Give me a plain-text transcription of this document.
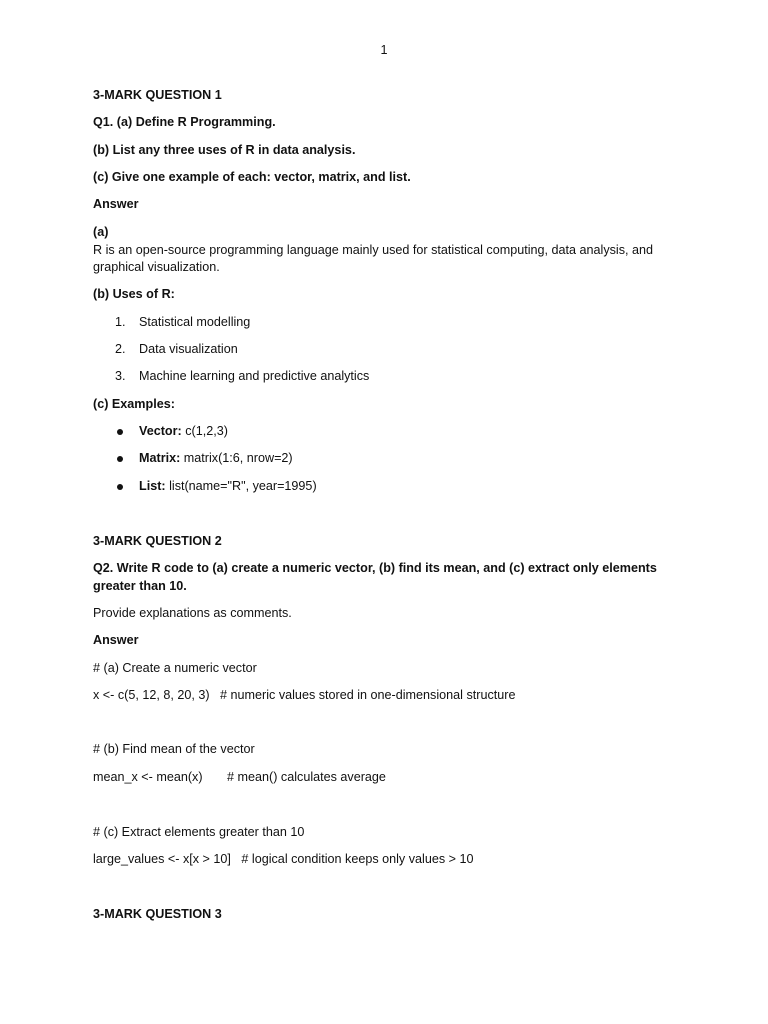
1
3-MARK QUESTION 1
Q1. (a) Define R Programming.
(b) List any three uses of R in data analysis.
(c) Give one example of each: vector, matrix, and list.
Answer
(a)
R is an open-source programming language mainly used for statistical computing, data analysis, and graphical visualization.
(b) Uses of R:
1.	Statistical modelling
2.	Data visualization
3.	Machine learning and predictive analytics
(c) Examples:
Vector: c(1,2,3)
Matrix: matrix(1:6, nrow=2)
List: list(name="R", year=1995)
3-MARK QUESTION 2
Q2. Write R code to (a) create a numeric vector, (b) find its mean, and (c) extract only elements
greater than 10.
Provide explanations as comments.
Answer
# (a) Create a numeric vector
x <- c(5, 12, 8, 20, 3)   # numeric values stored in one-dimensional structure
# (b) Find mean of the vector
mean_x <- mean(x)       # mean() calculates average
# (c) Extract elements greater than 10
large_values <- x[x > 10]   # logical condition keeps only values > 10
3-MARK QUESTION 3
